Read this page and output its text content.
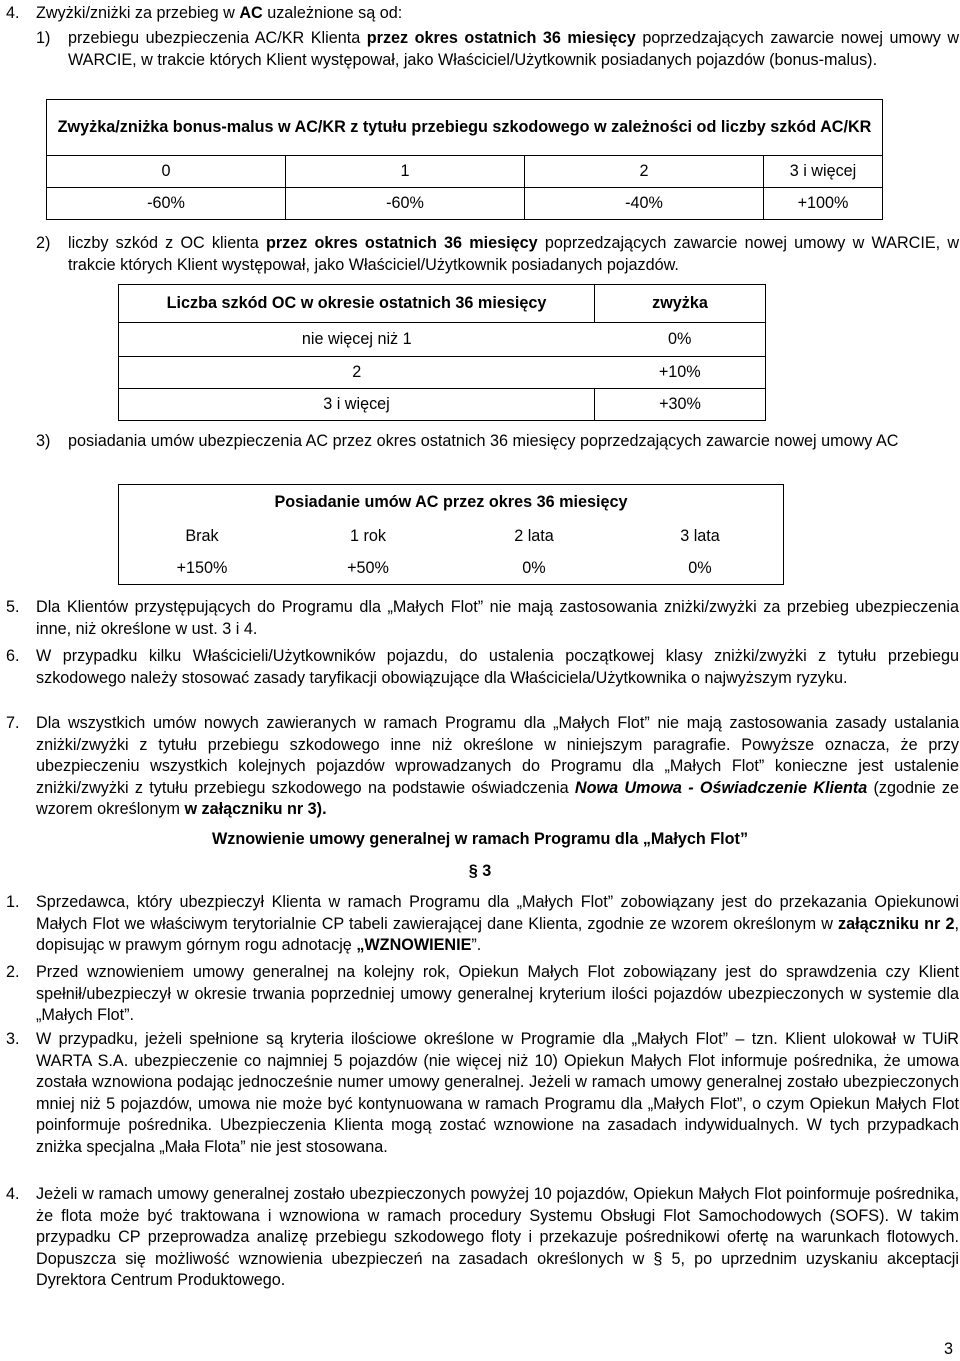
4. Zwyżki/zniżki za przebieg w AC uzależnione są od:
1) przebiegu ubezpieczenia AC/KR Klienta przez okres ostatnich 36 miesięcy poprzedzających zawarcie nowej umowy w WARCIE, w trakcie których Klient występował, jako Właściciel/Użytkownik posiadanych pojazdów (bonus-malus).
Zwyżka/zniżka bonus-malus w AC/KR z tytułu przebiegu szkodowego w zależności od liczby szkód AC/KR			
0	1	2	3 i więcej
-60%	-60%	-40%	+100%
2) liczby szkód z OC klienta przez okres ostatnich 36 miesięcy poprzedzających zawarcie nowej umowy w WARCIE, w trakcie których Klient występował, jako Właściciel/Użytkownik posiadanych pojazdów.
Liczba szkód OC w okresie ostatnich 36 miesięcy	zwyżka
nie więcej niż 1	0%
2	+10%
3 i więcej	+30%
3) posiadania umów ubezpieczenia AC przez okres ostatnich 36 miesięcy poprzedzających zawarcie nowej umowy AC
Posiadanie umów AC przez okres 36 miesięcy			
Brak	1 rok	2 lata	3 lata
+150%	+50%	0%	0%
5. Dla Klientów przystępujących do Programu dla „Małych Flot” nie mają zastosowania zniżki/zwyżki za przebieg ubezpieczenia inne, niż określone w ust. 3 i 4.
6. W przypadku kilku Właścicieli/Użytkowników pojazdu, do ustalenia początkowej klasy zniżki/zwyżki z tytułu przebiegu szkodowego należy stosować zasady taryfikacji obowiązujące dla Właściciela/Użytkownika o najwyższym ryzyku.
7. Dla wszystkich umów nowych zawieranych w ramach Programu dla „Małych Flot” nie mają zastosowania zasady ustalania zniżki/zwyżki z tytułu przebiegu szkodowego inne niż określone w niniejszym paragrafie. Powyższe oznacza, że przy ubezpieczeniu wszystkich kolejnych pojazdów wprowadzanych do Programu dla „Małych Flot” konieczne jest ustalenie zniżki/zwyżki z tytułu przebiegu szkodowego na podstawie oświadczenia Nowa Umowa - Oświadczenie Klienta (zgodnie ze wzorem określonym w załączniku nr 3).
Wznowienie umowy generalnej w ramach Programu dla „Małych Flot”
§ 3
1. Sprzedawca, który ubezpieczył Klienta w ramach Programu dla „Małych Flot” zobowiązany jest do przekazania Opiekunowi Małych Flot we właściwym terytorialnie CP tabeli zawierającej dane Klienta, zgodnie ze wzorem określonym w załączniku nr 2, dopisując w prawym górnym rogu adnotację „WZNOWIENIE”.
2. Przed wznowieniem umowy generalnej na kolejny rok, Opiekun Małych Flot zobowiązany jest do sprawdzenia czy Klient spełnił/ubezpieczył w okresie trwania poprzedniej umowy generalnej kryterium ilości pojazdów ubezpieczonych w systemie dla „Małych Flot”.
3. W przypadku, jeżeli spełnione są kryteria ilościowe określone w Programie dla „Małych Flot” – tzn. Klient ulokował w TUiR WARTA S.A. ubezpieczenie co najmniej 5 pojazdów (nie więcej niż 10) Opiekun Małych Flot informuje pośrednika, że umowa została wznowiona podając jednocześnie numer umowy generalnej. Jeżeli w ramach umowy generalnej zostało ubezpieczonych mniej niż 5 pojazdów, umowa nie może być kontynuowana w ramach Programu dla „Małych Flot”, o czym Opiekun Małych Flot poinformuje pośrednika. Ubezpieczenia Klienta mogą zostać wznowione na zasadach indywidualnych. W tych przypadkach zniżka specjalna „Mała Flota” nie jest stosowana.
4. Jeżeli w ramach umowy generalnej zostało ubezpieczonych powyżej 10 pojazdów, Opiekun Małych Flot poinformuje pośrednika, że flota może być traktowana i wznowiona w ramach procedury Systemu Obsługi Flot Samochodowych (SOFS). W takim przypadku CP przeprowadza analizę przebiegu szkodowego floty i przekazuje pośrednikowi ofertę na warunkach flotowych. Dopuszcza się możliwość wznowienia ubezpieczeń na zasadach określonych w § 5, po uprzednim uzyskaniu akceptacji Dyrektora Centrum Produktowego.
3
